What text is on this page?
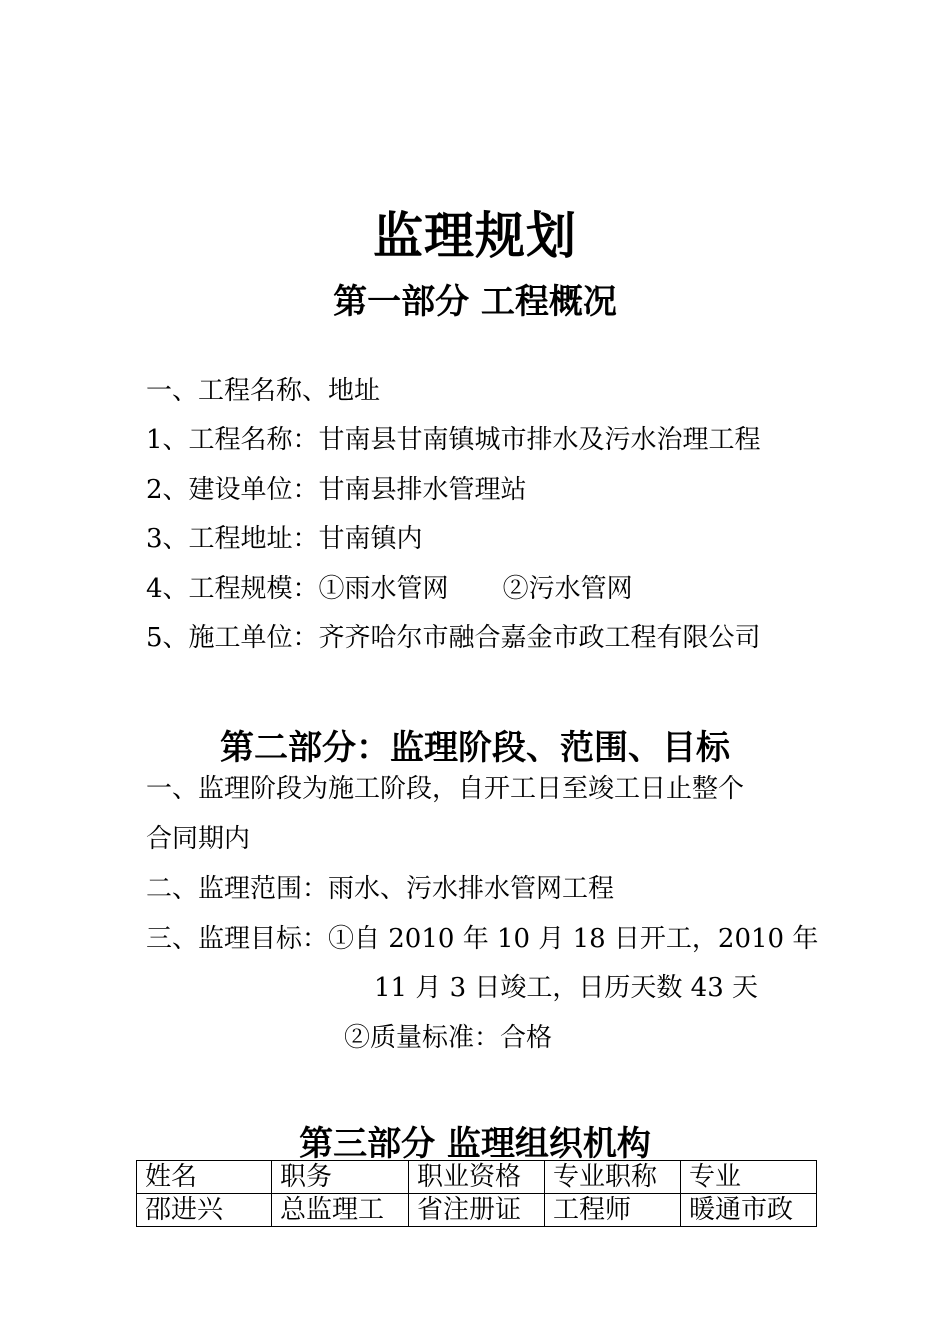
监理规划
第一部分 工程概况
一、工程名称、地址
1、工程名称：甘南县甘南镇城市排水及污水治理工程
2、建设单位：甘南县排水管理站
3、工程地址：甘南镇内
4、工程规模：①雨水管网 ②污水管网
5、施工单位：齐齐哈尔市融合嘉金市政工程有限公司
第二部分：监理阶段、范围、目标
一、监理阶段为施工阶段，自开工日至竣工日止整个
合同期内
二、监理范围：雨水、污水排水管网工程
三、监理目标：①自 2010 年 10 月 18 日开工，2010 年
11 月 3 日竣工，日历天数 43 天
②质量标准：合格
第三部分 监理组织机构
姓名	职务	职业资格	专业职称	专业
邵进兴	总监理工	省注册证	工程师	暖通市政
